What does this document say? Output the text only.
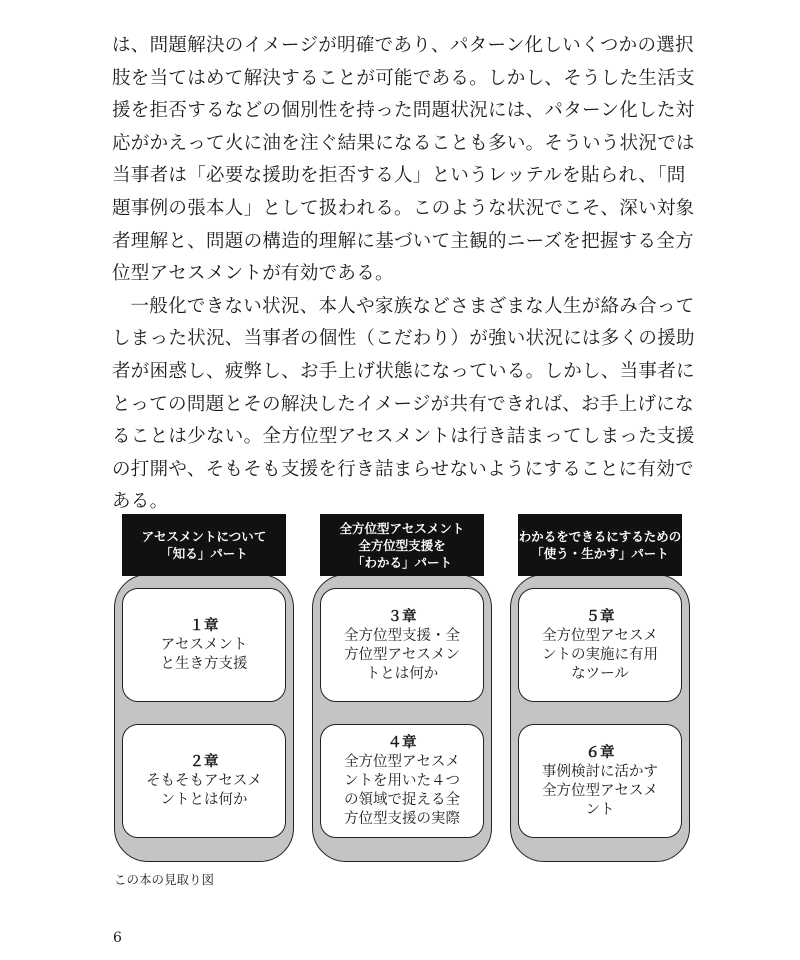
は、問題解決のイメージが明確であり、パターン化しいくつかの選択肢を当てはめて解決することが可能である。しかし、そうした生活支援を拒否するなどの個別性を持った問題状況には、パターン化した対応がかえって火に油を注ぐ結果になることも多い。そういう状況では当事者は「必要な援助を拒否する人」というレッテルを貼られ、「問題事例の張本人」として扱われる。このような状況でこそ、深い対象者理解と、問題の構造的理解に基づいて主観的ニーズを把握する全方位型アセスメントが有効である。

一般化できない状況、本人や家族などさまざまな人生が絡み合ってしまった状況、当事者の個性（こだわり）が強い状況には多くの援助者が困惑し、疲弊し、お手上げ状態になっている。しかし、当事者にとっての問題とその解決したイメージが共有できれば、お手上げになることは少ない。全方位型アセスメントは行き詰まってしまった支援の打開や、そもそも支援を行き詰まらせないようにすることに有効である。

アセスメントについて
「知る」パート
１章
アセスメント
と生き方支援
２章
そもそもアセスメ
ントとは何か
全方位型アセスメント
全方位型支援を
「わかる」パート
３章
全方位型支援・全
方位型アセスメン
トとは何か
４章
全方位型アセスメ
ントを用いた４つ
の領域で捉える全
方位型支援の実際
わかるをできるにするための
「使う・生かす」パート
５章
全方位型アセスメ
ントの実施に有用
なツール
６章
事例検討に活かす
全方位型アセスメ
ント
この本の見取り図
6
